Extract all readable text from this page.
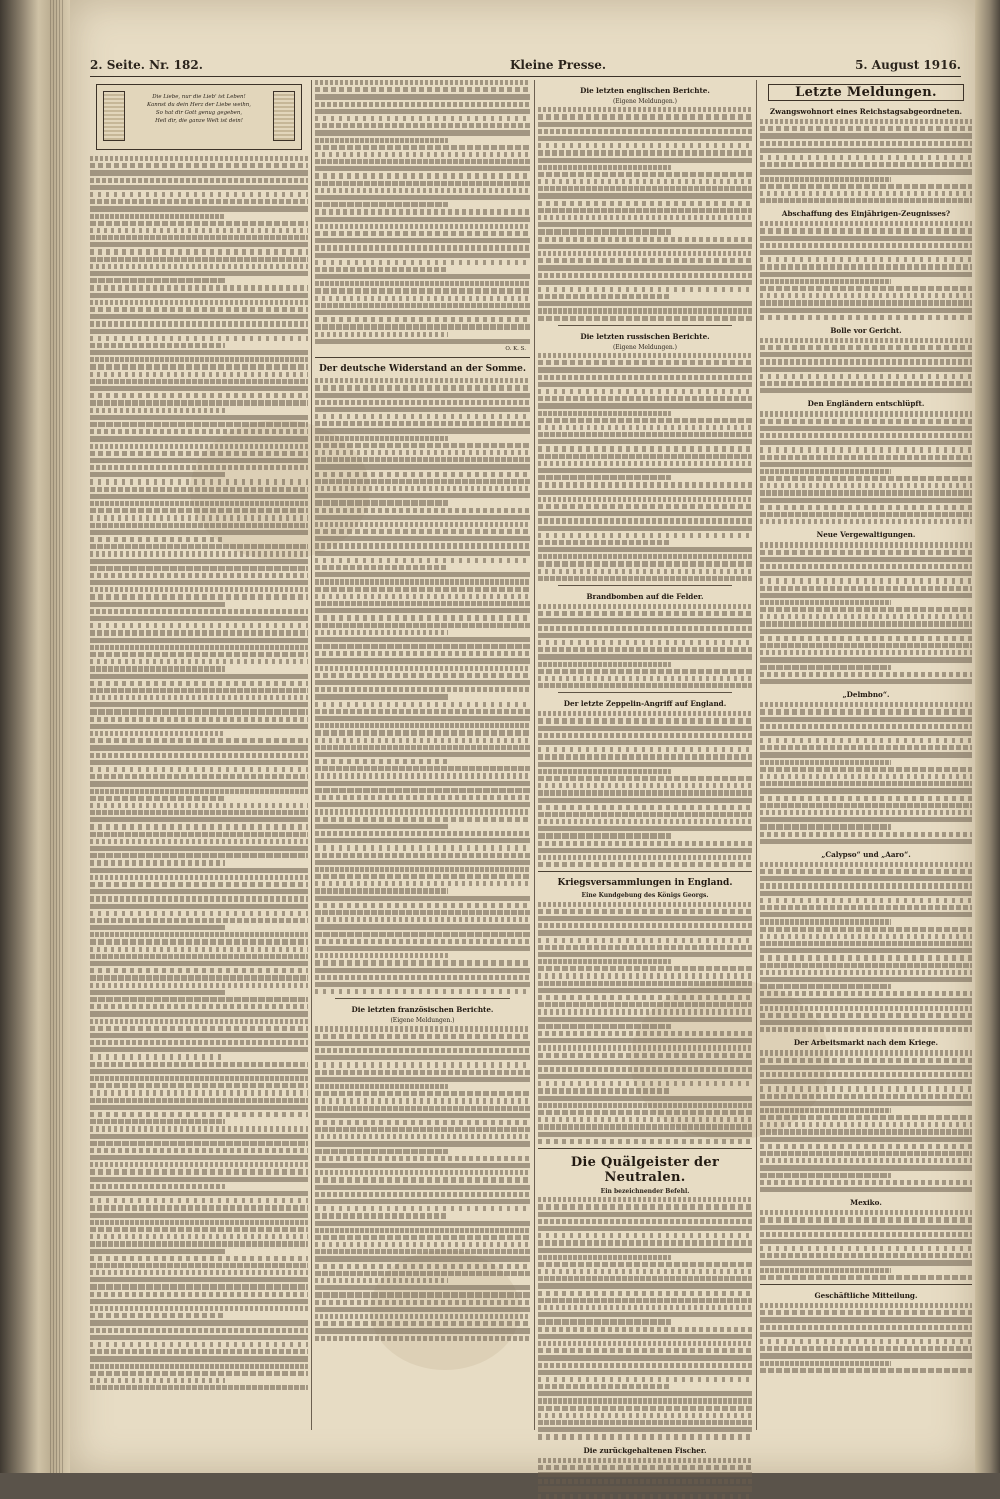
2. Seite. Nr. 182.	Kleine Presse.	5. August 1916.
Die Liebe, nur die Lieb' ist Leben!
Kannst du dein Herz der Liebe weihn,
So hat dir Gott genug gegeben,
Heil dir, die ganze Welt ist dein!
O. K. S.
Der deutsche Widerstand an der Somme.
Die letzten französischen Berichte.
(Eigene Meldungen.)
Die letzten englischen Berichte.
(Eigene Meldungen.)
Die letzten russischen Berichte.
(Eigene Meldungen.)
Brandbomben auf die Felder.
Der letzte Zeppelin-Angriff auf England.
Kriegsversammlungen in England.
Eine Kundgebung des Königs Georgs.
Die Quälgeister der Neutralen.
Ein bezeichnender Befehl.
Die zurückgehaltenen Fischer.
Letzte Meldungen.
Zwangswohnort eines Reichstagsabgeordneten.
Abschaffung des Einjährigen-Zeugnisses?
Bolle vor Gericht.
Den Engländern entschlüpft.
Neue Vergewaltigungen.
„Delmbno“.
„Calypso“ und „Aaro“.
Der Arbeitsmarkt nach dem Kriege.
Mexiko.
Geschäftliche Mitteilung.
